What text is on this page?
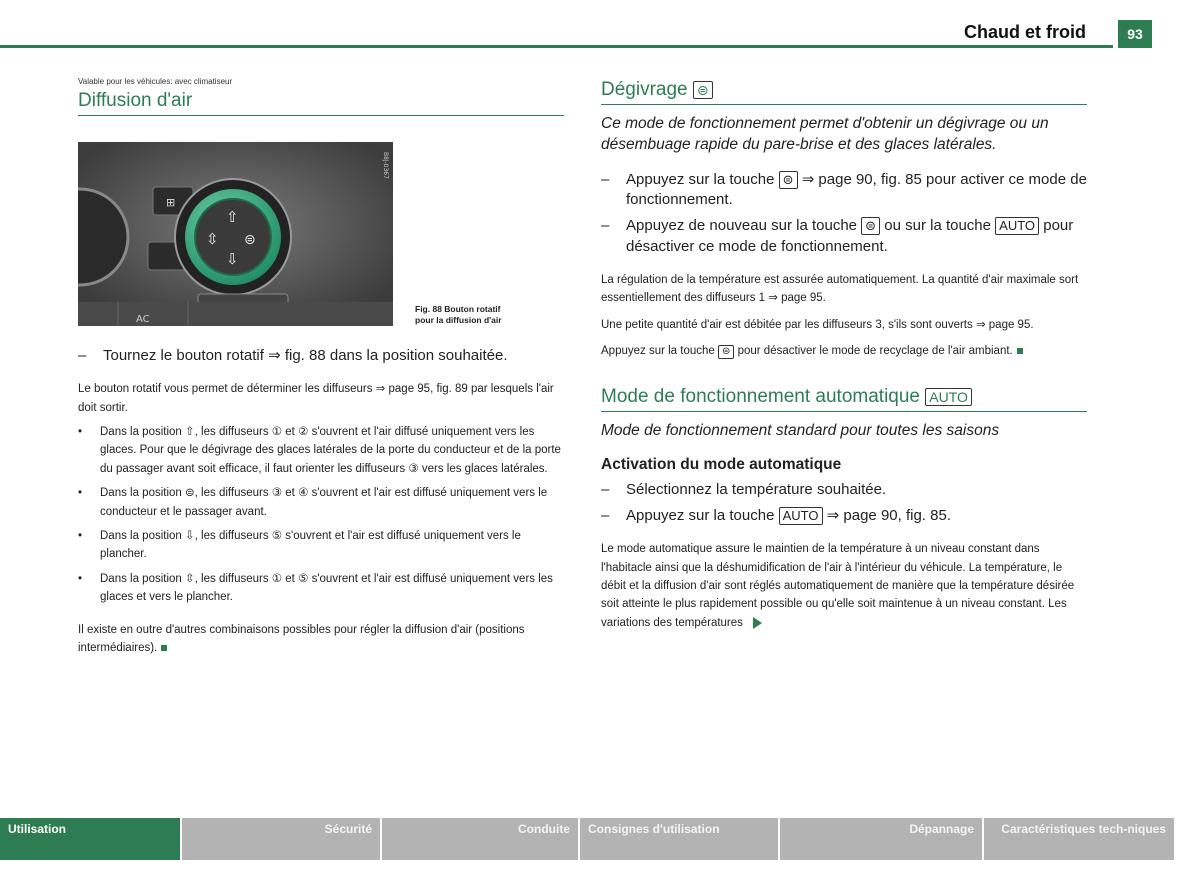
Chaud et froid	93
Valable pour les véhicules: avec climatiseur
Diffusion d'air
⊞
⇧
⇳ ⊜
⇩
AC
B8J-0367
Fig. 88 Bouton rotatif
pour la diffusion d'air
– Tournez le bouton rotatif ⇒ fig. 88 dans la position souhaitée.

Le bouton rotatif vous permet de déterminer les diffuseurs ⇒ page 95, fig. 89 par lesquels l'air doit sortir.

• Dans la position ⇧, les diffuseurs ① et ② s'ouvrent et l'air diffusé uniquement vers les glaces. Pour que le dégivrage des glaces latérales de la porte du conducteur et de la porte du passager avant soit efficace, il faut orienter les diffuseurs ③ vers les glaces latérales.
• Dans la position ⊜, les diffuseurs ③ et ④ s'ouvrent et l'air est diffusé uniquement vers le conducteur et le passager avant.
• Dans la position ⇩, les diffuseurs ⑤ s'ouvrent et l'air est diffusé uniquement vers le plancher.
• Dans la position ⇳, les diffuseurs ① et ⑤ s'ouvrent et l'air est diffusé uniquement vers les glaces et vers le plancher.

Il existe en outre d'autres combinaisons possibles pour régler la diffusion d'air (positions intermédiaires).

Dégivrage ⊜
Ce mode de fonctionnement permet d'obtenir un dégivrage ou un désembuage rapide du pare-brise et des glaces latérales.
– Appuyez sur la touche ⊜ ⇒ page 90, fig. 85 pour activer ce mode de fonctionnement.
– Appuyez de nouveau sur la touche ⊜ ou sur la touche AUTO pour désactiver ce mode de fonctionnement.

La régulation de la température est assurée automatiquement. La quantité d'air maximale sort essentiellement des diffuseurs 1 ⇒ page 95.

Une petite quantité d'air est débitée par les diffuseurs 3, s'ils sont ouverts ⇒ page 95.

Appuyez sur la touche ⊜ pour désactiver le mode de recyclage de l'air ambiant.

Mode de fonctionnement automatique AUTO
Mode de fonctionnement standard pour toutes les saisons
Activation du mode automatique
– Sélectionnez la température souhaitée.
– Appuyez sur la touche AUTO ⇒ page 90, fig. 85.

Le mode automatique assure le maintien de la température à un niveau constant dans l'habitacle ainsi que la déshumidification de l'air à l'intérieur du véhicule. La température, le débit et la diffusion d'air sont réglés automatiquement de manière que la température désirée soit atteinte le plus rapidement possible ou qu'elle soit maintenue à un niveau constant. Les variations des températures

Utilisation	Sécurité	Conduite	Consignes d'utilisation	Dépannage	Caractéristiques tech-niques
